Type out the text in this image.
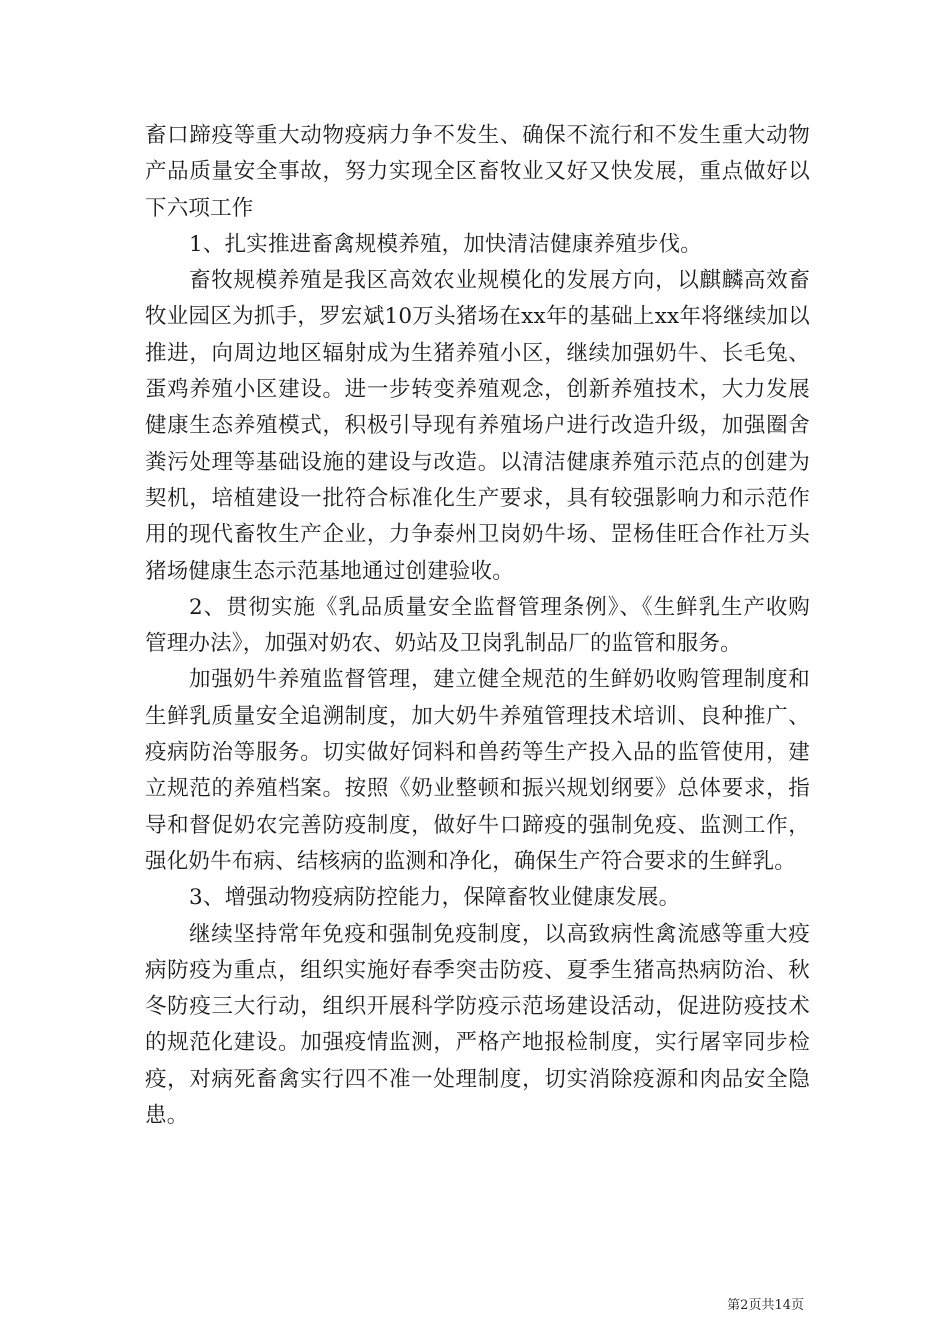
畜口蹄疫等重大动物疫病力争不发生、确保不流行和不发生重大动物产品质量安全事故，努力实现全区畜牧业又好又快发展，重点做好以下六项工作

1、扎实推进畜禽规模养殖，加快清洁健康养殖步伐。

畜牧规模养殖是我区高效农业规模化的发展方向，以麒麟高效畜牧业园区为抓手，罗宏斌10万头猪场在xx年的基础上xx年将继续加以推进，向周边地区辐射成为生猪养殖小区，继续加强奶牛、长毛兔、蛋鸡养殖小区建设。进一步转变养殖观念，创新养殖技术，大力发展健康生态养殖模式，积极引导现有养殖场户进行改造升级，加强圈舍粪污处理等基础设施的建设与改造。以清洁健康养殖示范点的创建为契机，培植建设一批符合标准化生产要求，具有较强影响力和示范作用的现代畜牧生产企业，力争泰州卫岗奶牛场、罡杨佳旺合作社万头猪场健康生态示范基地通过创建验收。

2、贯彻实施《乳品质量安全监督管理条例》、《生鲜乳生产收购管理办法》，加强对奶农、奶站及卫岗乳制品厂的监管和服务。

加强奶牛养殖监督管理，建立健全规范的生鲜奶收购管理制度和生鲜乳质量安全追溯制度，加大奶牛养殖管理技术培训、良种推广、疫病防治等服务。切实做好饲料和兽药等生产投入品的监管使用，建立规范的养殖档案。按照《奶业整顿和振兴规划纲要》总体要求，指导和督促奶农完善防疫制度，做好牛口蹄疫的强制免疫、监测工作，强化奶牛布病、结核病的监测和净化，确保生产符合要求的生鲜乳。

3、增强动物疫病防控能力，保障畜牧业健康发展。

继续坚持常年免疫和强制免疫制度，以高致病性禽流感等重大疫病防疫为重点，组织实施好春季突击防疫、夏季生猪高热病防治、秋冬防疫三大行动，组织开展科学防疫示范场建设活动，促进防疫技术的规范化建设。加强疫情监测，严格产地报检制度，实行屠宰同步检疫，对病死畜禽实行四不准一处理制度，切实消除疫源和肉品安全隐患。

第2页共14页
